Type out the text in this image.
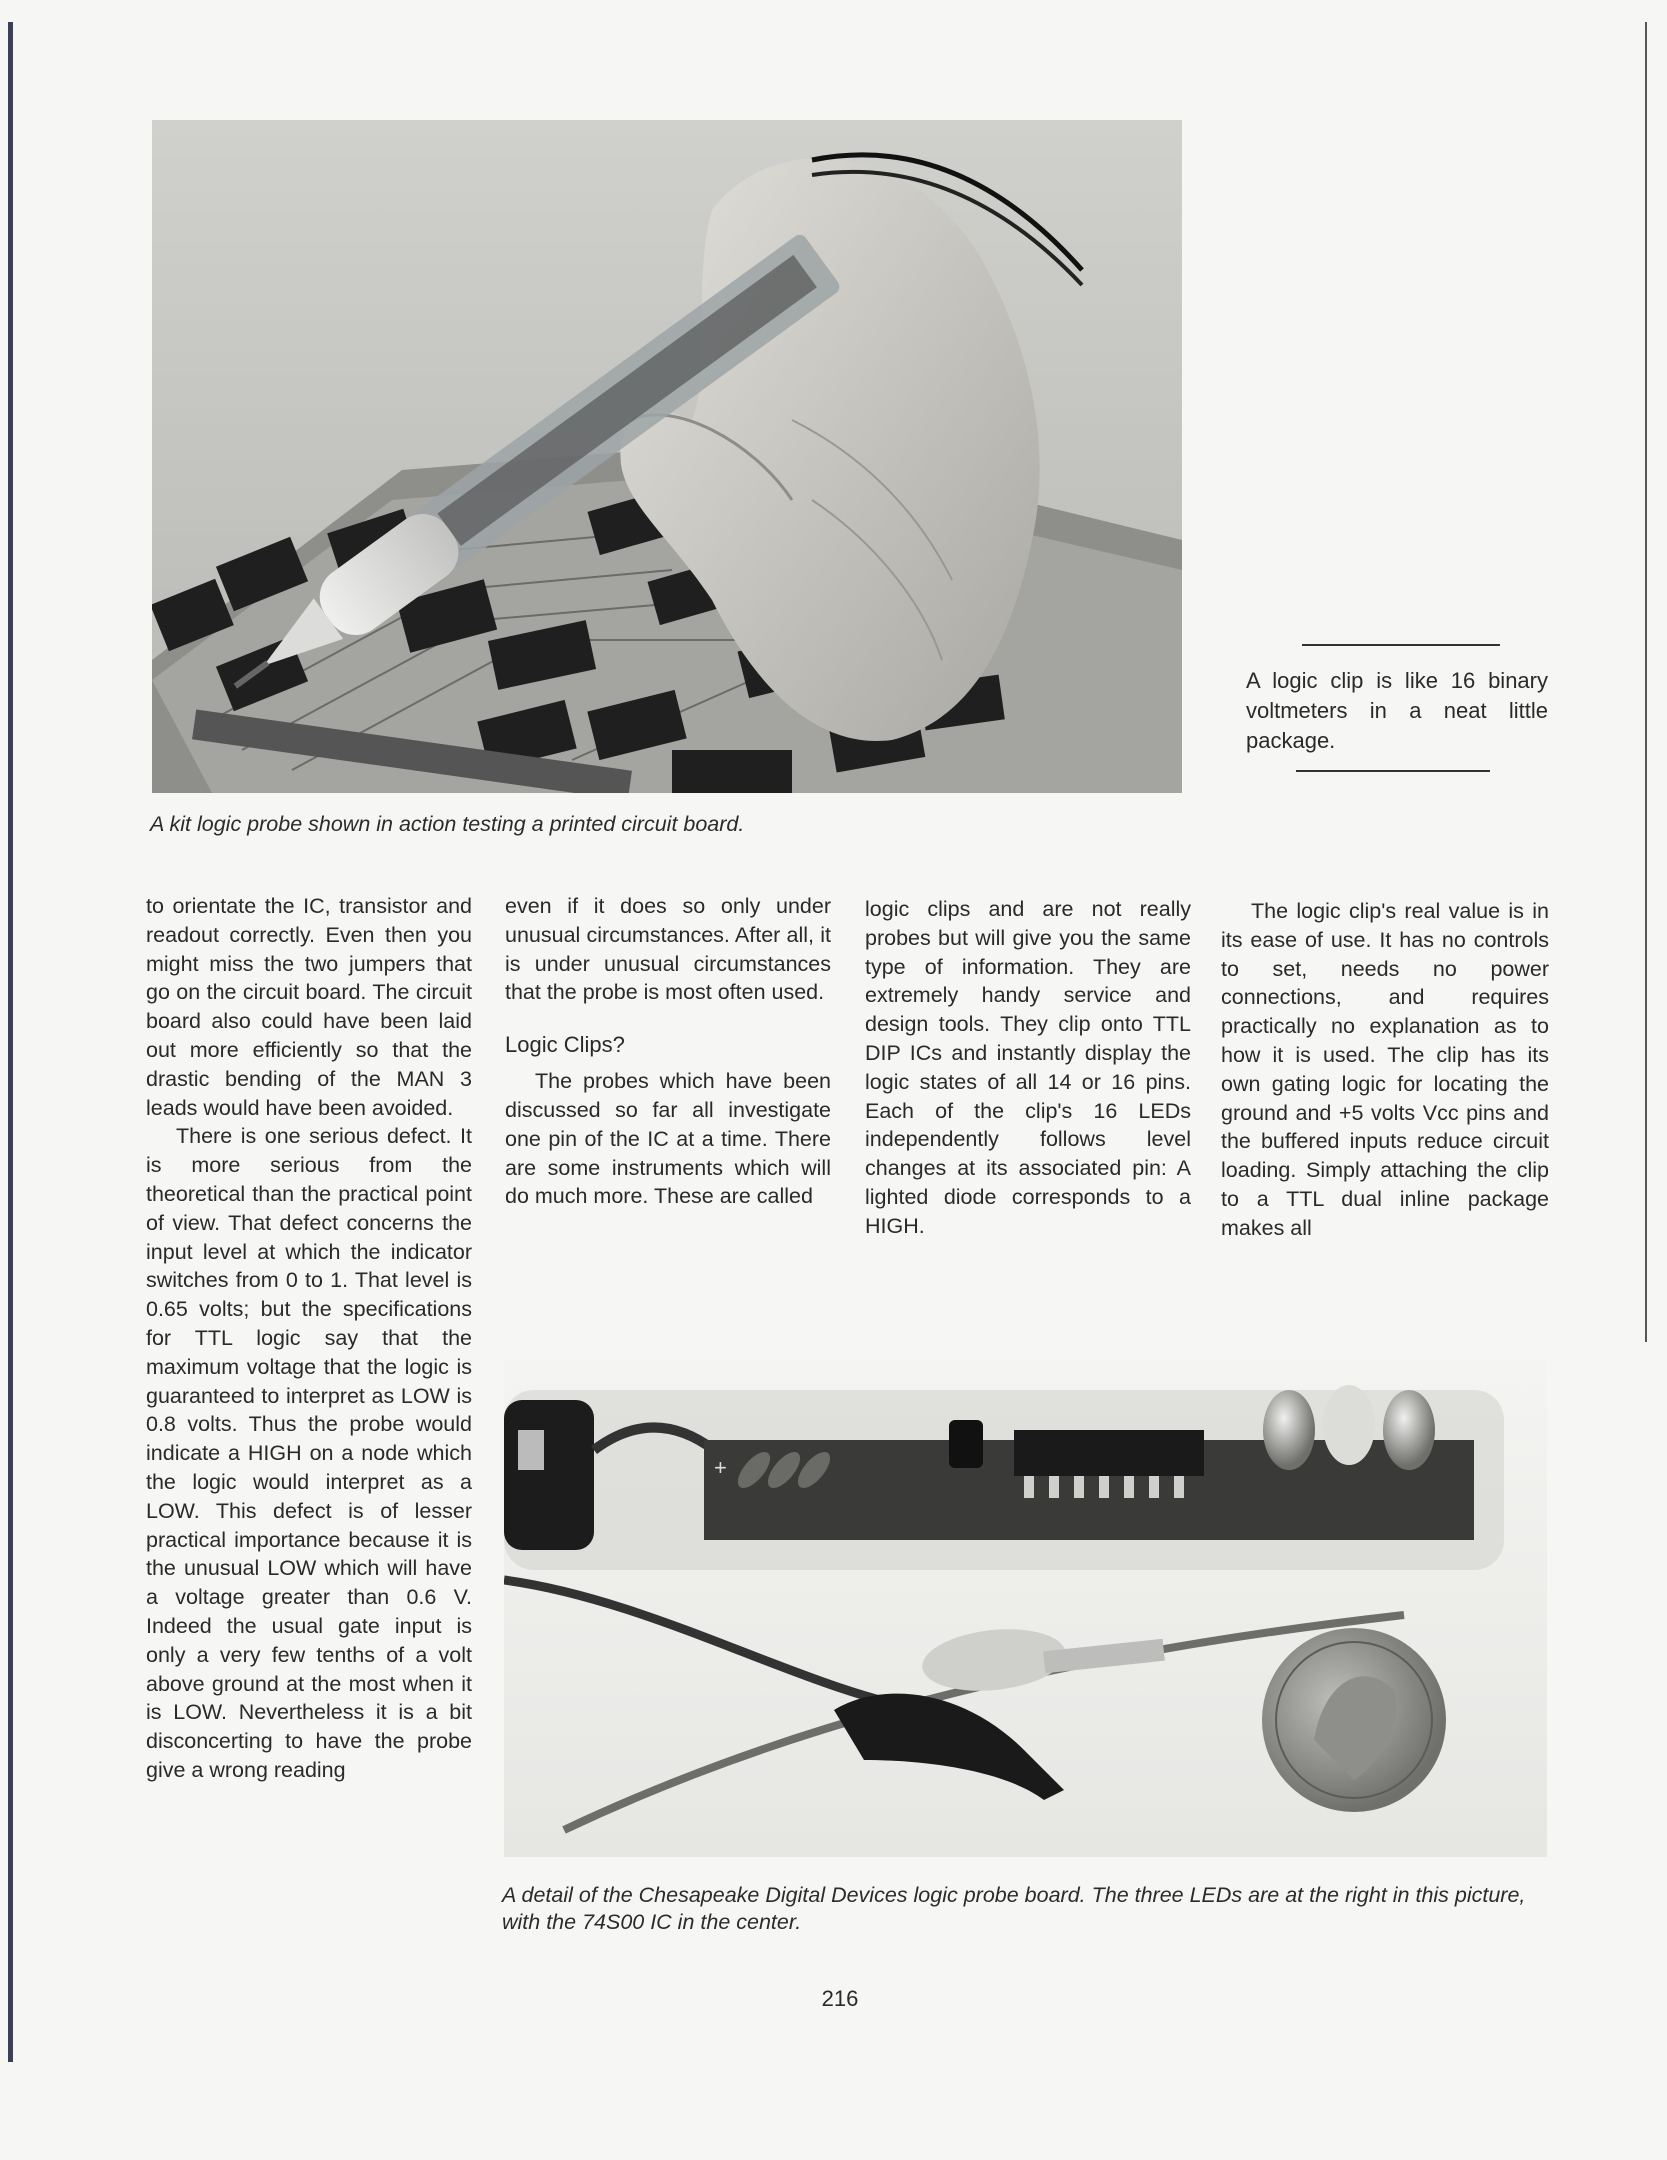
A kit logic probe shown in action testing a printed circuit board.

A logic clip is like 16 binary voltmeters in a neat little package.

to orientate the IC, transistor and readout correctly. Even then you might miss the two jumpers that go on the circuit board. The circuit board also could have been laid out more efficiently so that the drastic bending of the MAN 3 leads would have been avoided.

There is one serious defect. It is more serious from the theoretical than the practical point of view. That defect concerns the input level at which the indicator switches from 0 to 1. That level is 0.65 volts; but the specifications for TTL logic say that the maximum voltage that the logic is guaranteed to interpret as LOW is 0.8 volts. Thus the probe would indicate a HIGH on a node which the logic would interpret as a LOW. This defect is of lesser practical importance because it is the unusual LOW which will have a voltage greater than 0.6 V. Indeed the usual gate input is only a very few tenths of a volt above ground at the most when it is LOW. Nevertheless it is a bit disconcerting to have the probe give a wrong reading

even if it does so only under unusual circumstances. After all, it is under unusual circumstances that the probe is most often used.

Logic Clips?

The probes which have been discussed so far all investigate one pin of the IC at a time. There are some instruments which will do much more. These are called

logic clips and are not really probes but will give you the same type of information. They are extremely handy service and design tools. They clip onto TTL DIP ICs and instantly display the logic states of all 14 or 16 pins. Each of the clip's 16 LEDs independently follows level changes at its associated pin: A lighted diode corresponds to a HIGH.

The logic clip's real value is in its ease of use. It has no controls to set, needs no power connections, and requires practically no explanation as to how it is used. The clip has its own gating logic for locating the ground and +5 volts Vcc pins and the buffered inputs reduce circuit loading. Simply attaching the clip to a TTL dual inline package makes all

+
A detail of the Chesapeake Digital Devices logic probe board. The three LEDs are at the right in this picture, with the 74S00 IC in the center.
216
